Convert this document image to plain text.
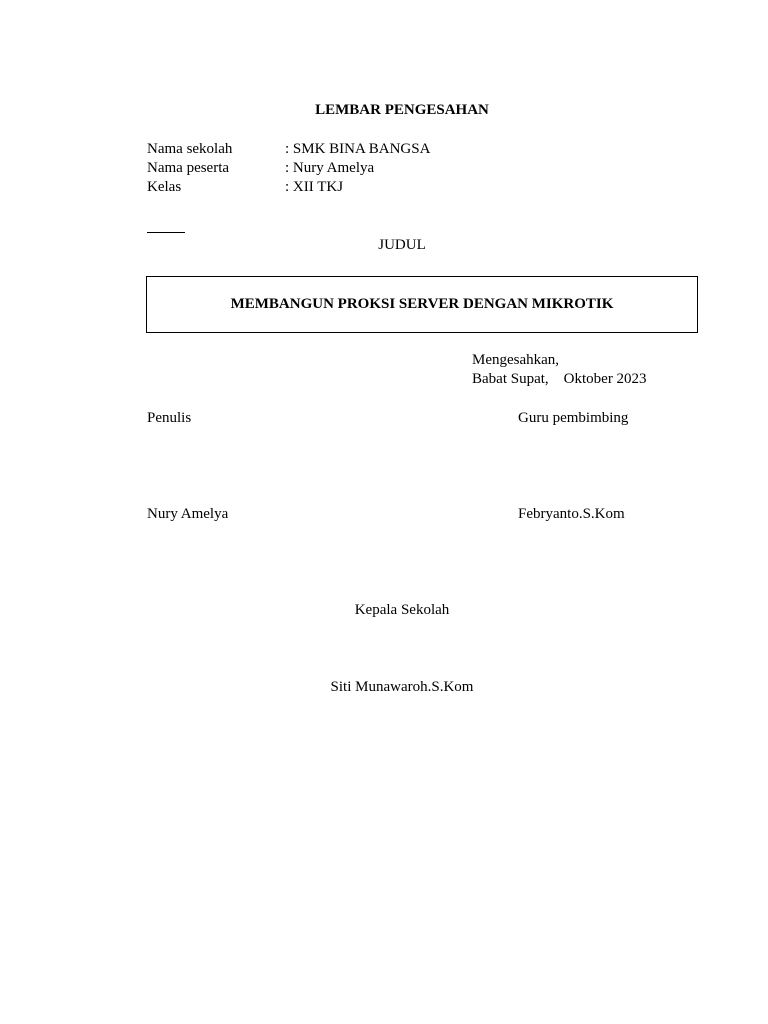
LEMBAR PENGESAHAN
Nama sekolah	: SMK BINA BANGSA
Nama peserta	: Nury Amelya
Kelas	: XII TKJ
JUDUL
MEMBANGUN PROKSI SERVER DENGAN MIKROTIK
Mengesahkan,
Babat Supat,    Oktober 2023
Penulis	Guru pembimbing
Nury Amelya	Febryanto.S.Kom
Kepala Sekolah
Siti Munawaroh.S.Kom
